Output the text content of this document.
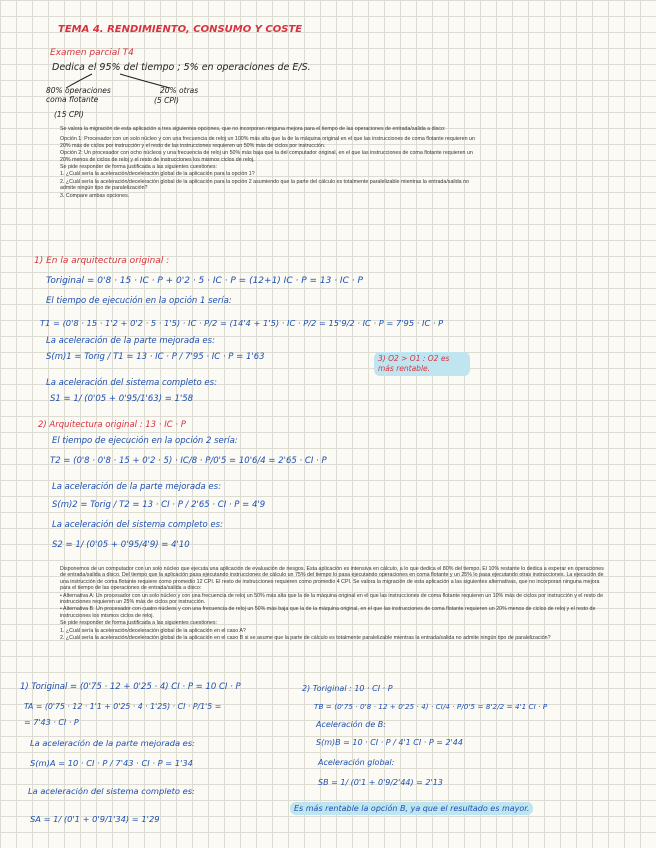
TEMA 4. RENDIMIENTO, CONSUMO Y COSTE
Examen parcial T4
Dedica el 95% del tiempo ; 5% en operaciones de E/S.
80% operaciones coma flotante
(15 CPI)
20% otras
(5 CPI)

Se valora la migración de esta aplicación a tres siguientes opciones, que no incorporan ninguna mejora para el tiempo de las operaciones de entrada/salida a disco:

Opción 1: Procesador con un solo núcleo y con una frecuencia de reloj un 100% más alta que la de la máquina original en el que las instrucciones de coma flotante requieren un 20% más de ciclos por instrucción y el resto de las instrucciones requieren un 50% más de ciclos por instrucción.

Opción 2: Un procesador con ocho núcleos y una frecuencia de reloj un 50% más baja que la del computador original, en el que las instrucciones de coma flotante requieren un 20% menos de ciclos de reloj y el resto de instrucciones los mismos ciclos de reloj.

Se pide responder de forma justificada a las siguientes cuestiones:

1. ¿Cuál sería la aceleración/deceleración global de la aplicación para la opción 1?

2. ¿Cuál sería la aceleración/deceleración global de la aplicación para la opción 2 asumiendo que la parte del cálculo es totalmente paralelizable mientras la entrada/salida no admite ningún tipo de paralelización?

3. Compare ambas opciones.

1) En la arquitectura original :
Toriginal = 0'8 · 15 · IC · P + 0'2 · 5 · IC · P = (12+1) IC · P = 13 · IC · P
El tiempo de ejecución en la opción 1 sería:
T1 = (0'8 · 15 · 1'2 + 0'2 · 5 · 1'5) · IC · P/2 = (14'4 + 1'5) · IC · P/2 = 15'9/2 · IC · P = 7'95 · IC · P
La aceleración de la parte mejorada es:
S(m)1 = Torig / T1 = 13 · IC · P / 7'95 · IC · P = 1'63
La aceleración del sistema completo es:
S1 = 1/ (0'05 + 0'95/1'63) = 1'58
3) O2 > O1 : O2 es más rentable.
2) Arquitectura original : 13 · IC · P
El tiempo de ejecución en la opción 2 sería:
T2 = (0'8 · 0'8 · 15 + 0'2 · 5) · IC/8 · P/0'5 = 10'6/4 = 2'65 · CI · P
La aceleración de la parte mejorada es:
S(m)2 = Torig / T2 = 13 · CI · P / 2'65 · CI · P = 4'9
La aceleración del sistema completo es:
S2 = 1/ (0'05 + 0'95/4'9) = 4'10

Disponemos de un computador con un solo núcleo que ejecuta una aplicación de evaluación de riesgos. Esta aplicación es intensiva en cálculo, a lo que dedica el 80% del tiempo. El 10% restante lo dedica a esperar en operaciones de entrada/salida a disco. Del tiempo que la aplicación pasa ejecutando instrucciones de cálculo un 75% del tiempo lo pasa ejecutando operaciones en coma flotante y un 25% lo pasa ejecutando otras instrucciones. La ejecución de una instrucción de coma flotante requiere como promedio 12 CPI. El resto de instrucciones requieren como promedio 4 CPI. Se valora la migración de esta aplicación a las siguientes alternativas, que no incorporan ninguna mejora para el tiempo de las operaciones de entrada/salida a disco:

• Alternativa A: Un procesador con un solo núcleo y con una frecuencia de reloj un 50% más alta que la de la máquina original en el que las instrucciones de coma flotante requieren un 10% más de ciclos por instrucción y el resto de instrucciones requieren un 25% más de ciclos por instrucción.

• Alternativa B: Un procesador con cuatro núcleos y con una frecuencia de reloj un 50% más baja que la de la máquina original, en el que las instrucciones de coma flotante requieren un 20% menos de ciclos de reloj y el resto de instrucciones los mismos ciclos de reloj.

Se pide responder de forma justificada a las siguientes cuestiones:

1. ¿Cuál sería la aceleración/deceleración global de la aplicación en el caso A?

2. ¿Cuál sería la aceleración/deceleración global de la aplicación en el caso B si se asume que la parte de cálculo es totalmente paralelizable mientras la entrada/salida no admite ningún tipo de paralelización?

1) Toriginal = (0'75 · 12 + 0'25 · 4) CI · P = 10 CI · P
TA = (0'75 · 12 · 1'1 + 0'25 · 4 · 1'25) · CI · P/1'5 =
= 7'43 · CI · P
La aceleración de la parte mejorada es:
S(m)A = 10 · CI · P / 7'43 · CI · P = 1'34
La aceleración del sistema completo es:
SA = 1/ (0'1 + 0'9/1'34) = 1'29
2) Toriginal : 10 · CI · P
TB = (0'75 · 0'8 · 12 + 0'25 · 4) · CI/4 · P/0'5 = 8'2/2 = 4'1 CI · P
Aceleración de B:
S(m)B = 10 · CI · P / 4'1 CI · P = 2'44
Aceleración global:
SB = 1/ (0'1 + 0'9/2'44) = 2'13
Es más rentable la opción B, ya que el resultado es mayor.
